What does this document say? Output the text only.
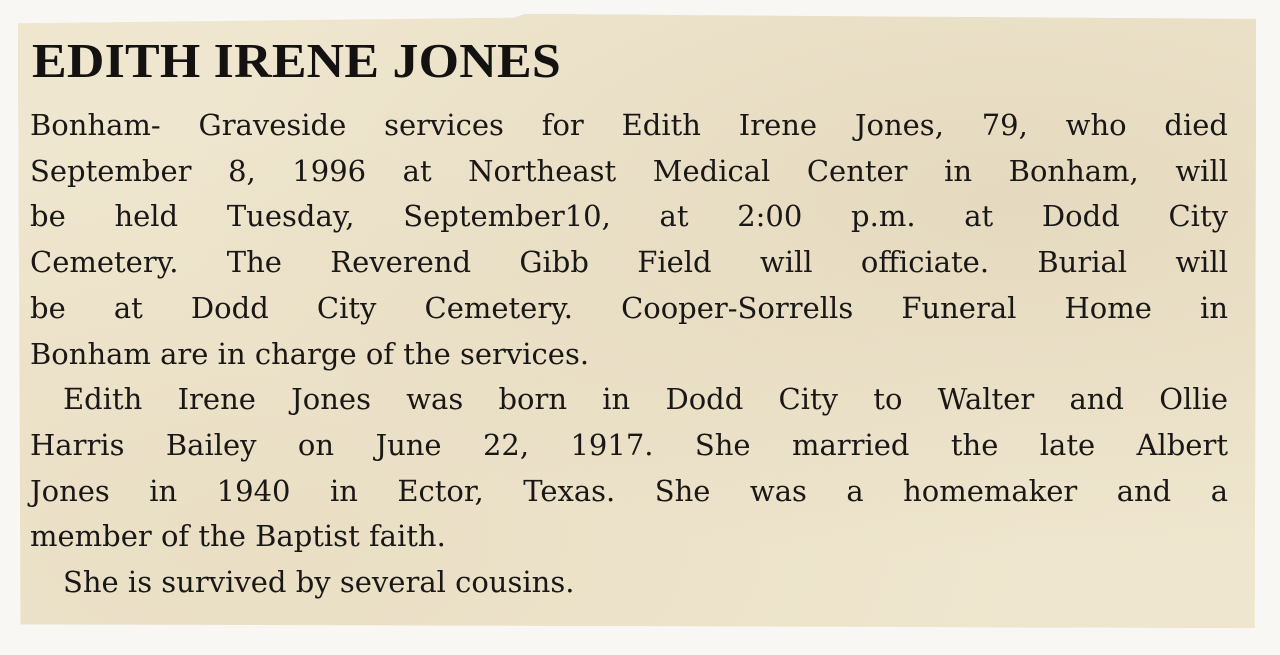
EDITH IRENE JONES

Bonham- Graveside services for Edith Irene Jones, 79, who died
September 8, 1996 at Northeast Medical Center in Bonham, will
be held Tuesday, September10, at 2:00 p.m. at Dodd City
Cemetery. The Reverend Gibb Field will officiate. Burial will
be at Dodd City Cemetery. Cooper-Sorrells Funeral Home in
Bonham are in charge of the services.

Edith Irene Jones was born in Dodd City to Walter and Ollie
Harris Bailey on June 22, 1917. She married the late Albert
Jones in 1940 in Ector, Texas. She was a homemaker and a
member of the Baptist faith.

She is survived by several cousins.
